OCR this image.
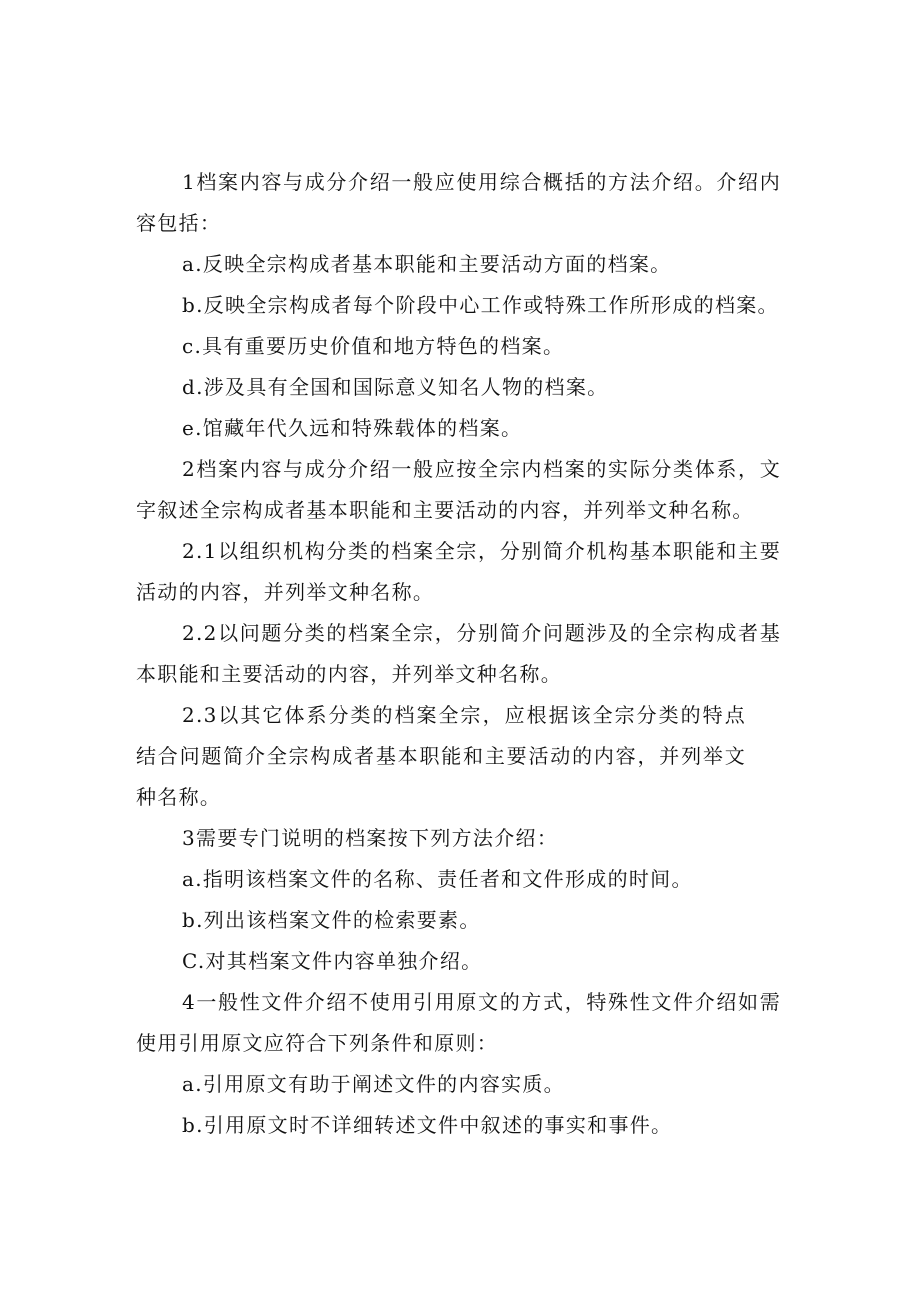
1档案内容与成分介绍一般应使用综合概括的方法介绍。介绍内容包括：

a.反映全宗构成者基本职能和主要活动方面的档案。

b.反映全宗构成者每个阶段中心工作或特殊工作所形成的档案。

c.具有重要历史价值和地方特色的档案。

d.涉及具有全国和国际意义知名人物的档案。

e.馆藏年代久远和特殊载体的档案。

2档案内容与成分介绍一般应按全宗内档案的实际分类体系，文字叙述全宗构成者基本职能和主要活动的内容，并列举文种名称。

2.1以组织机构分类的档案全宗，分别简介机构基本职能和主要活动的内容，并列举文种名称。

2.2以问题分类的档案全宗，分别简介问题涉及的全宗构成者基本职能和主要活动的内容，并列举文种名称。

2.3以其它体系分类的档案全宗，应根据该全宗分类的特点结合问题简介全宗构成者基本职能和主要活动的内容，并列举文种名称。

3需要专门说明的档案按下列方法介绍：

a.指明该档案文件的名称、责任者和文件形成的时间。

b.列出该档案文件的检索要素。

C.对其档案文件内容单独介绍。

4一般性文件介绍不使用引用原文的方式，特殊性文件介绍如需使用引用原文应符合下列条件和原则：

a.引用原文有助于阐述文件的内容实质。

b.引用原文时不详细转述文件中叙述的事实和事件。
